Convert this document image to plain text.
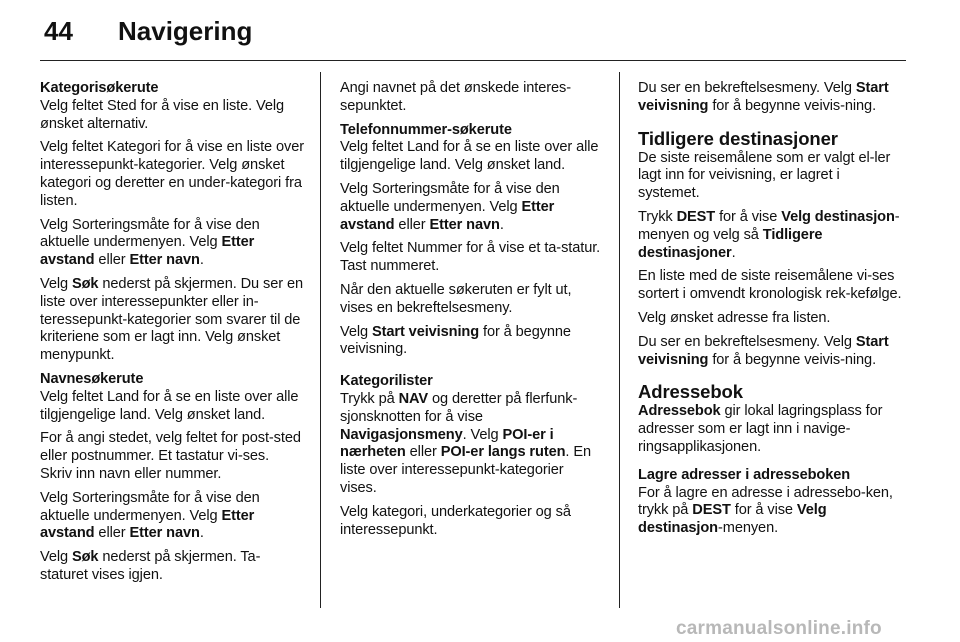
44 Navigering
Kategorisøkerute

Velg feltet Sted for å vise en liste. Velg ønsket alternativ.

Velg feltet Kategori for å vise en liste over interessepunkt-kategorier. Velg ønsket kategori og deretter en under-kategori fra listen.

Velg Sorteringsmåte for å vise den aktuelle undermenyen. Velg Etter avstand eller Etter navn.

Velg Søk nederst på skjermen. Du ser en liste over interessepunkter eller in-teressepunkt-kategorier som svarer til de kriteriene som er lagt inn. Velg ønsket menypunkt.

Navnesøkerute

Velg feltet Land for å se en liste over alle tilgjengelige land. Velg ønsket land.

For å angi stedet, velg feltet for post-sted eller postnummer. Et tastatur vi-ses. Skriv inn navn eller nummer.

Velg Sorteringsmåte for å vise den aktuelle undermenyen. Velg Etter avstand eller Etter navn.

Velg Søk nederst på skjermen. Ta-staturet vises igjen.

Angi navnet på det ønskede interes-sepunktet.

Telefonnummer-søkerute

Velg feltet Land for å se en liste over alle tilgjengelige land. Velg ønsket land.

Velg Sorteringsmåte for å vise den aktuelle undermenyen. Velg Etter avstand eller Etter navn.

Velg feltet Nummer for å vise et ta-statur. Tast nummeret.

Når den aktuelle søkeruten er fylt ut, vises en bekreftelsesmeny.

Velg Start veivisning for å begynne veivisning.

Kategorilister

Trykk på NAV og deretter på flerfunk-sjonsknotten for å vise Navigasjonsmeny. Velg POI-er i nærheten eller POI-er langs ruten. En liste over interessepunkt-kategorier vises.

Velg kategori, underkategorier og så interessepunkt.

Du ser en bekreftelsesmeny. Velg Start veivisning for å begynne veivis-ning.

Tidligere destinasjoner

De siste reisemålene som er valgt el-ler lagt inn for veivisning, er lagret i systemet.

Trykk DEST for å vise Velg destinasjon-menyen og velg så Tidligere destinasjoner.

En liste med de siste reisemålene vi-ses sortert i omvendt kronologisk rek-kefølge.

Velg ønsket adresse fra listen.

Du ser en bekreftelsesmeny. Velg Start veivisning for å begynne veivis-ning.

Adressebok

Adressebok gir lokal lagringsplass for adresser som er lagt inn i navige-ringsapplikasjonen.

Lagre adresser i adresseboken

For å lagre en adresse i adressebo-ken, trykk på DEST for å vise Velg destinasjon-menyen.

carmanualsonline.info
